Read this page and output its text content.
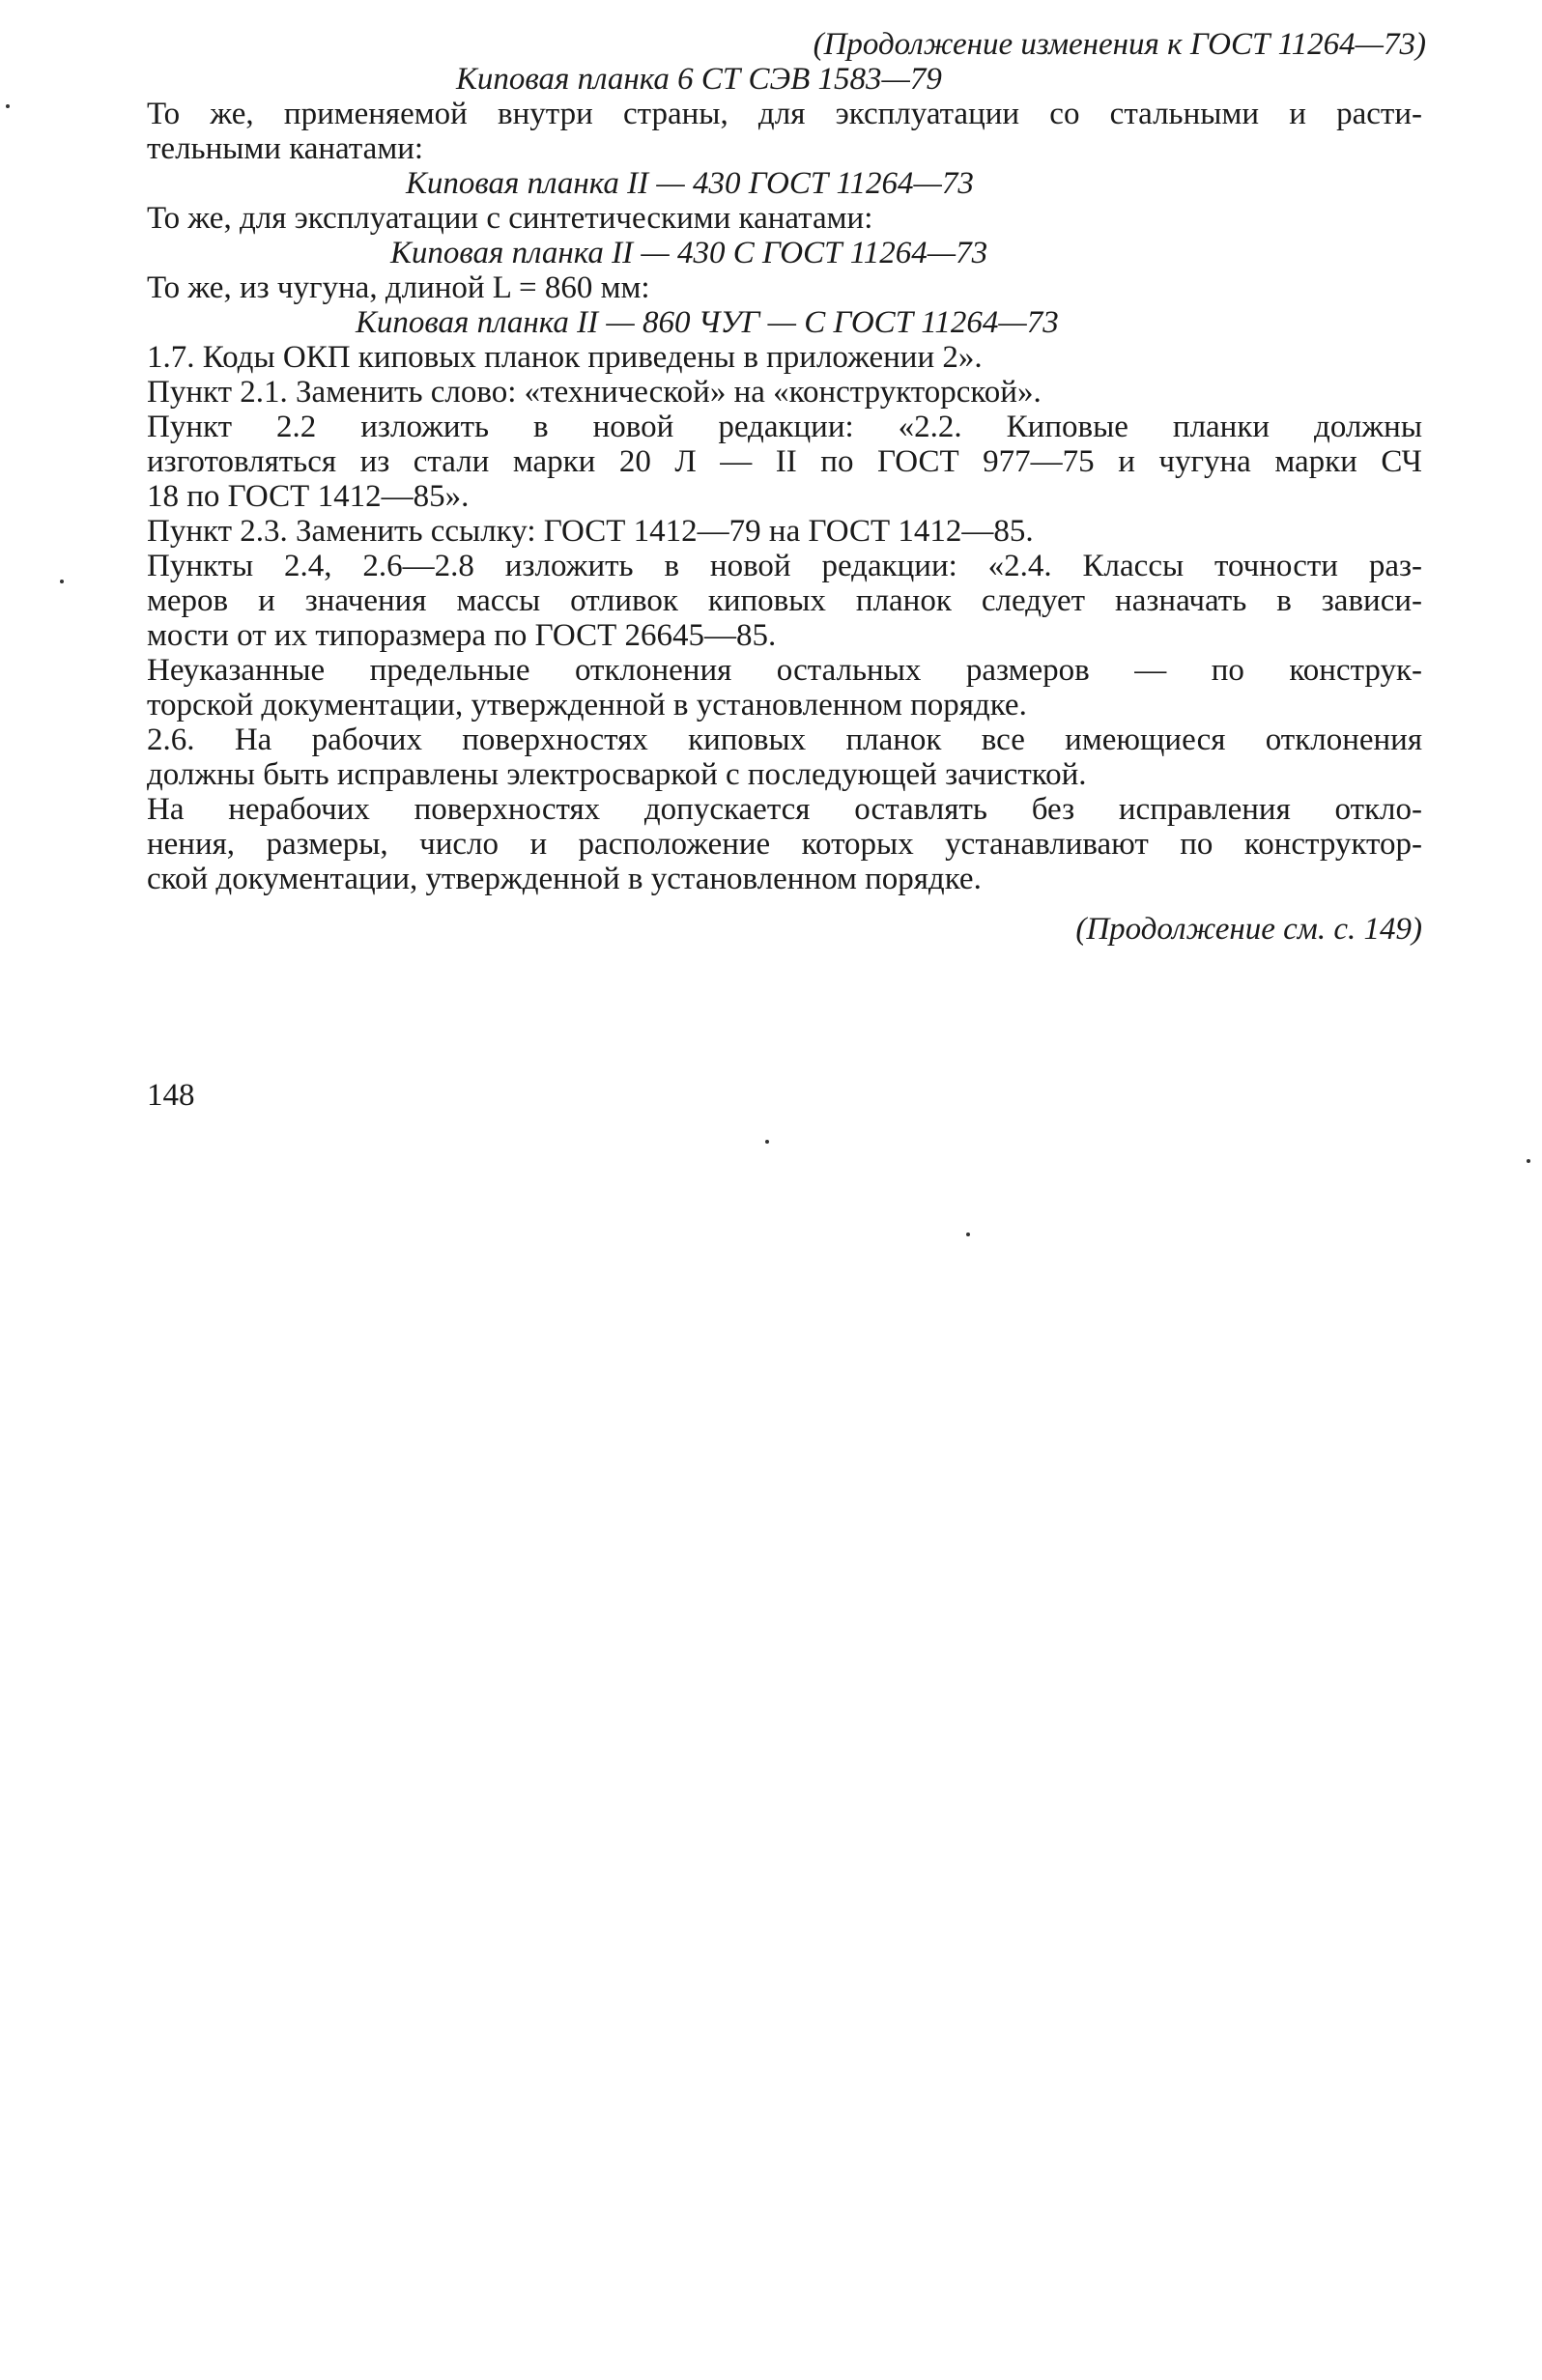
(Продолжение изменения к ГОСТ 11264—73)
Киповая планка 6 СТ СЭВ 1583—79
То же, применяемой внутри страны, для эксплуатации со стальными и расти-
тельными канатами:
Киповая планка II — 430 ГОСТ 11264—73
То же, для эксплуатации с синтетическими канатами:
Киповая планка II — 430 С ГОСТ 11264—73
То же, из чугуна, длиной L = 860 мм:
Киповая планка II — 860 ЧУГ — С ГОСТ 11264—73
1.7. Коды ОКП киповых планок приведены в приложении 2».
Пункт 2.1. Заменить слово: «технической» на «конструкторской».
Пункт 2.2 изложить в новой редакции: «2.2. Киповые планки должны
изготовляться из стали марки 20 Л — II по ГОСТ 977—75 и чугуна марки СЧ
18 по ГОСТ 1412—85».
Пункт 2.3. Заменить ссылку: ГОСТ 1412—79 на ГОСТ 1412—85.
Пункты 2.4, 2.6—2.8 изложить в новой редакции: «2.4. Классы точности раз-
меров и значения массы отливок киповых планок следует назначать в зависи-
мости от их типоразмера по ГОСТ 26645—85.
Неуказанные предельные отклонения остальных размеров — по конструк-
торской документации, утвержденной в установленном порядке.
2.6. На рабочих поверхностях киповых планок все имеющиеся отклонения
должны быть исправлены электросваркой с последующей зачисткой.
На нерабочих поверхностях допускается оставлять без исправления откло-
нения, размеры, число и расположение которых устанавливают по конструктор-
ской документации, утвержденной в установленном порядке.
(Продолжение см. с. 149)
148
